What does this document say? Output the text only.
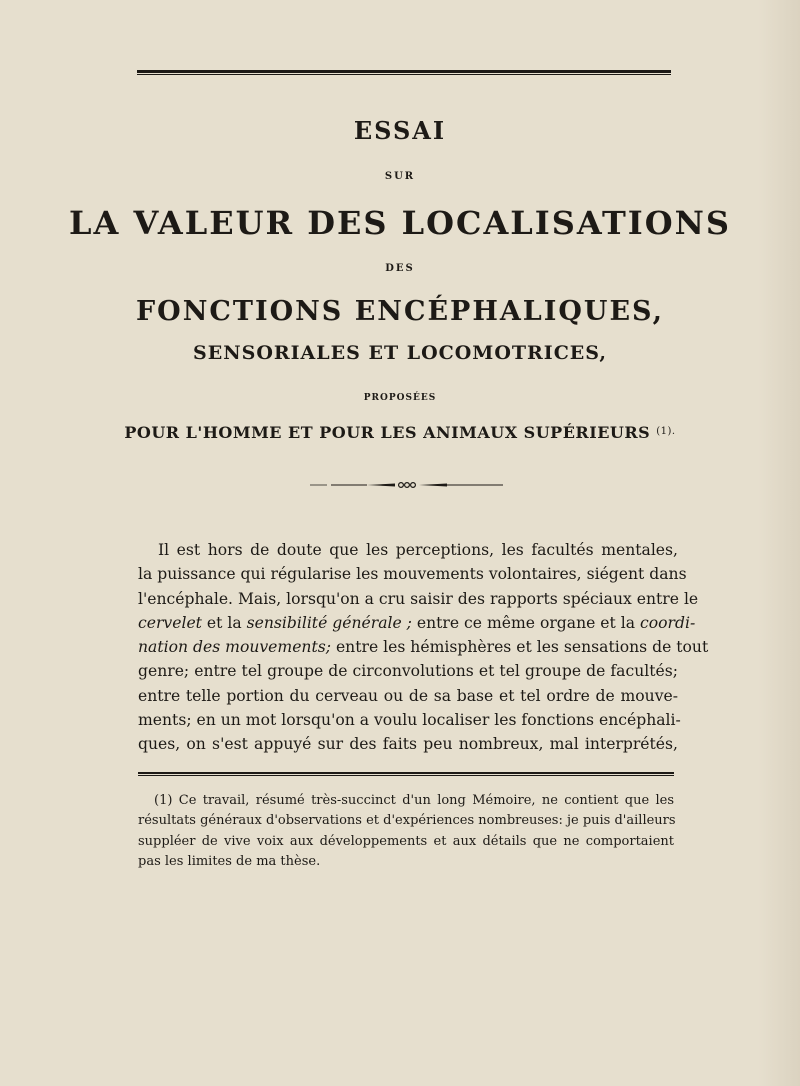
ESSAI
SUR
LA VALEUR DES LOCALISATIONS
DES
FONCTIONS ENCÉPHALIQUES,
SENSORIALES ET LOCOMOTRICES,
PROPOSÉES
POUR L'HOMME ET POUR LES ANIMAUX SUPÉRIEURS $^{(1).}$
Il est hors de doute que les perceptions, les facultés mentales,
la puissance qui régularise les mouvements volontaires, siégent dans
l'encéphale. Mais, lorsqu'on a cru saisir des rapports spéciaux entre le
cervelet et la sensibilité générale ; entre ce même organe et la coordi-
nation des mouvements; entre les hémisphères et les sensations de tout
genre; entre tel groupe de circonvolutions et tel groupe de facultés;
entre telle portion du cerveau ou de sa base et tel ordre de mouve-
ments; en un mot lorsqu'on a voulu localiser les fonctions encéphali-
ques, on s'est appuyé sur des faits peu nombreux, mal interprétés,
(1) Ce travail, résumé très-succinct d'un long Mémoire, ne contient que les
résultats généraux d'observations et d'expériences nombreuses: je puis d'ailleurs
suppléer de vive voix aux développements et aux détails que ne comportaient
pas les limites de ma thèse.
